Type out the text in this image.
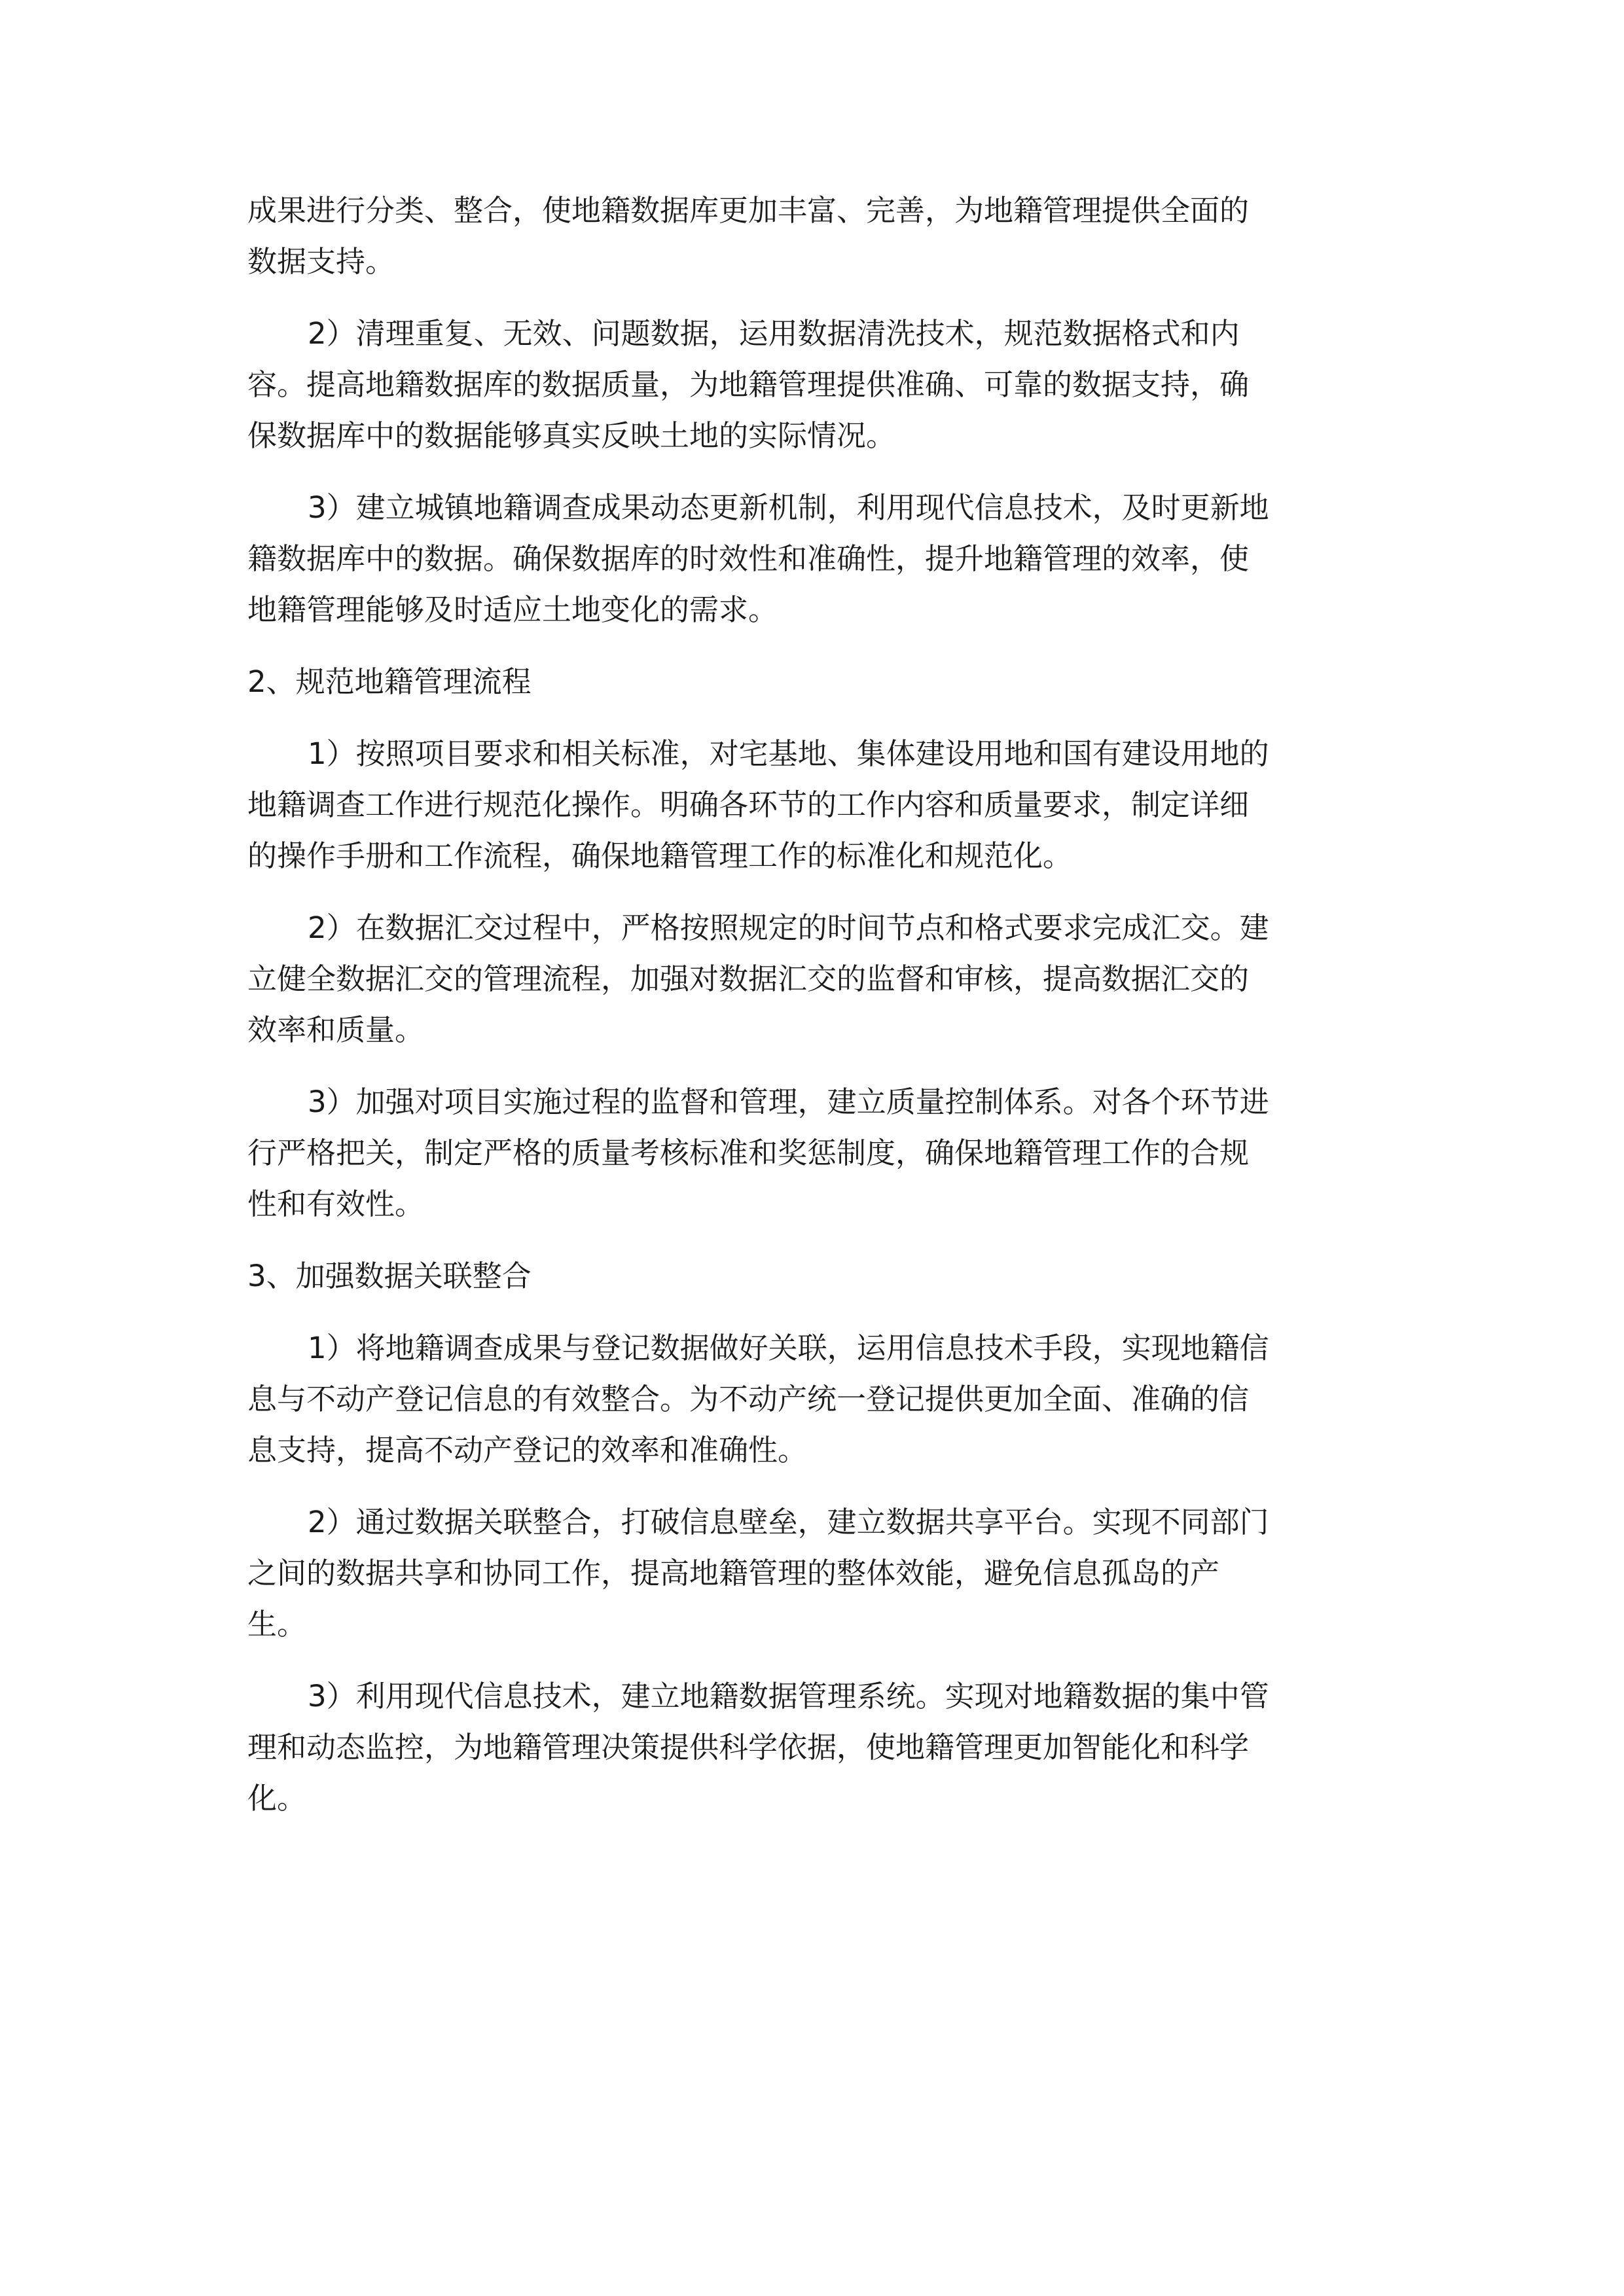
成果进行分类、整合，使地籍数据库更加丰富、完善，为地籍管理提供全面的

数据支持。

2）清理重复、无效、问题数据，运用数据清洗技术，规范数据格式和内

容。提高地籍数据库的数据质量，为地籍管理提供准确、可靠的数据支持，确

保数据库中的数据能够真实反映土地的实际情况。

3）建立城镇地籍调查成果动态更新机制，利用现代信息技术，及时更新地

籍数据库中的数据。确保数据库的时效性和准确性，提升地籍管理的效率，使

地籍管理能够及时适应土地变化的需求。

2、规范地籍管理流程

1）按照项目要求和相关标准，对宅基地、集体建设用地和国有建设用地的

地籍调查工作进行规范化操作。明确各环节的工作内容和质量要求，制定详细

的操作手册和工作流程，确保地籍管理工作的标准化和规范化。

2）在数据汇交过程中，严格按照规定的时间节点和格式要求完成汇交。建

立健全数据汇交的管理流程，加强对数据汇交的监督和审核，提高数据汇交的

效率和质量。

3）加强对项目实施过程的监督和管理，建立质量控制体系。对各个环节进

行严格把关，制定严格的质量考核标准和奖惩制度，确保地籍管理工作的合规

性和有效性。

3、加强数据关联整合

1）将地籍调查成果与登记数据做好关联，运用信息技术手段，实现地籍信

息与不动产登记信息的有效整合。为不动产统一登记提供更加全面、准确的信

息支持，提高不动产登记的效率和准确性。

2）通过数据关联整合，打破信息壁垒，建立数据共享平台。实现不同部门

之间的数据共享和协同工作，提高地籍管理的整体效能，避免信息孤岛的产

生。

3）利用现代信息技术，建立地籍数据管理系统。实现对地籍数据的集中管

理和动态监控，为地籍管理决策提供科学依据，使地籍管理更加智能化和科学

化。
